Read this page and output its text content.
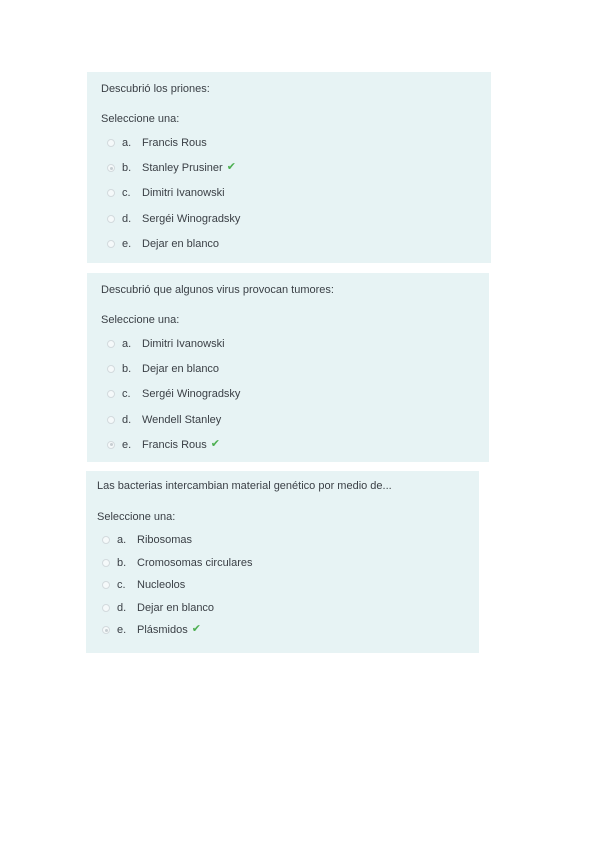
Descubrió los priones:
Seleccione una:
a. Francis Rous
b. Stanley Prusiner ✔
c.	Dimitri Ivanowski
d. Sergéi Winogradsky
e. Dejar en blanco
Descubrió que algunos virus provocan tumores:
Seleccione una:
a. Dimitri Ivanowski
b. Dejar en blanco
c.	Sergéi Winogradsky
d. Wendell Stanley
e. Francis Rous ✔
Las bacterias intercambian material genético por medio de...
Seleccione una:
a. Ribosomas
b. Cromosomas circulares
c.	Nucleolos
d. Dejar en blanco
e. Plásmidos ✔
